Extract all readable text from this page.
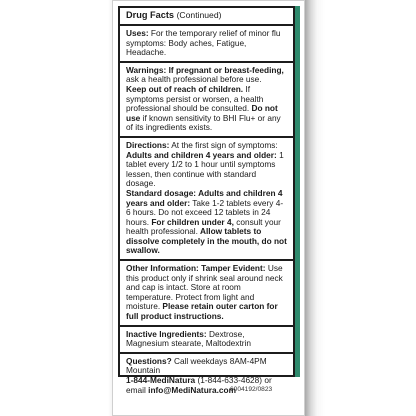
Drug Facts (Continued)
Uses: For the temporary relief of minor flu symptoms: Body aches, Fatigue, Headache.
Warnings: If pregnant or breast-feeding, ask a health professional before use.
Keep out of reach of children. If symptoms persist or worsen, a health professional should be consulted. Do not use if known sensitivity to BHI Flu+ or any of its ingredients exists.
Directions: At the first sign of symptoms:
Adults and children 4 years and older: 1 tablet every 1/2 to 1 hour until symptoms lessen, then continue with standard dosage.
Standard dosage: Adults and children 4 years and older: Take 1-2 tablets every 4-6 hours. Do not exceed 12 tablets in 24 hours. For children under 4, consult your health professional. Allow tablets to dissolve completely in the mouth, do not swallow.
Other Information: Tamper Evident: Use this product only if shrink seal around neck and cap is intact. Store at room temperature. Protect from light and moisture. Please retain outer carton for full product instructions.
Inactive Ingredients: Dextrose, Magnesium stearate, Maltodextrin
Questions? Call weekdays 8AM-4PM Mountain
1-844-MediNatura (1-844-633-4628) or email info@MediNatura.com
6004192/0823
